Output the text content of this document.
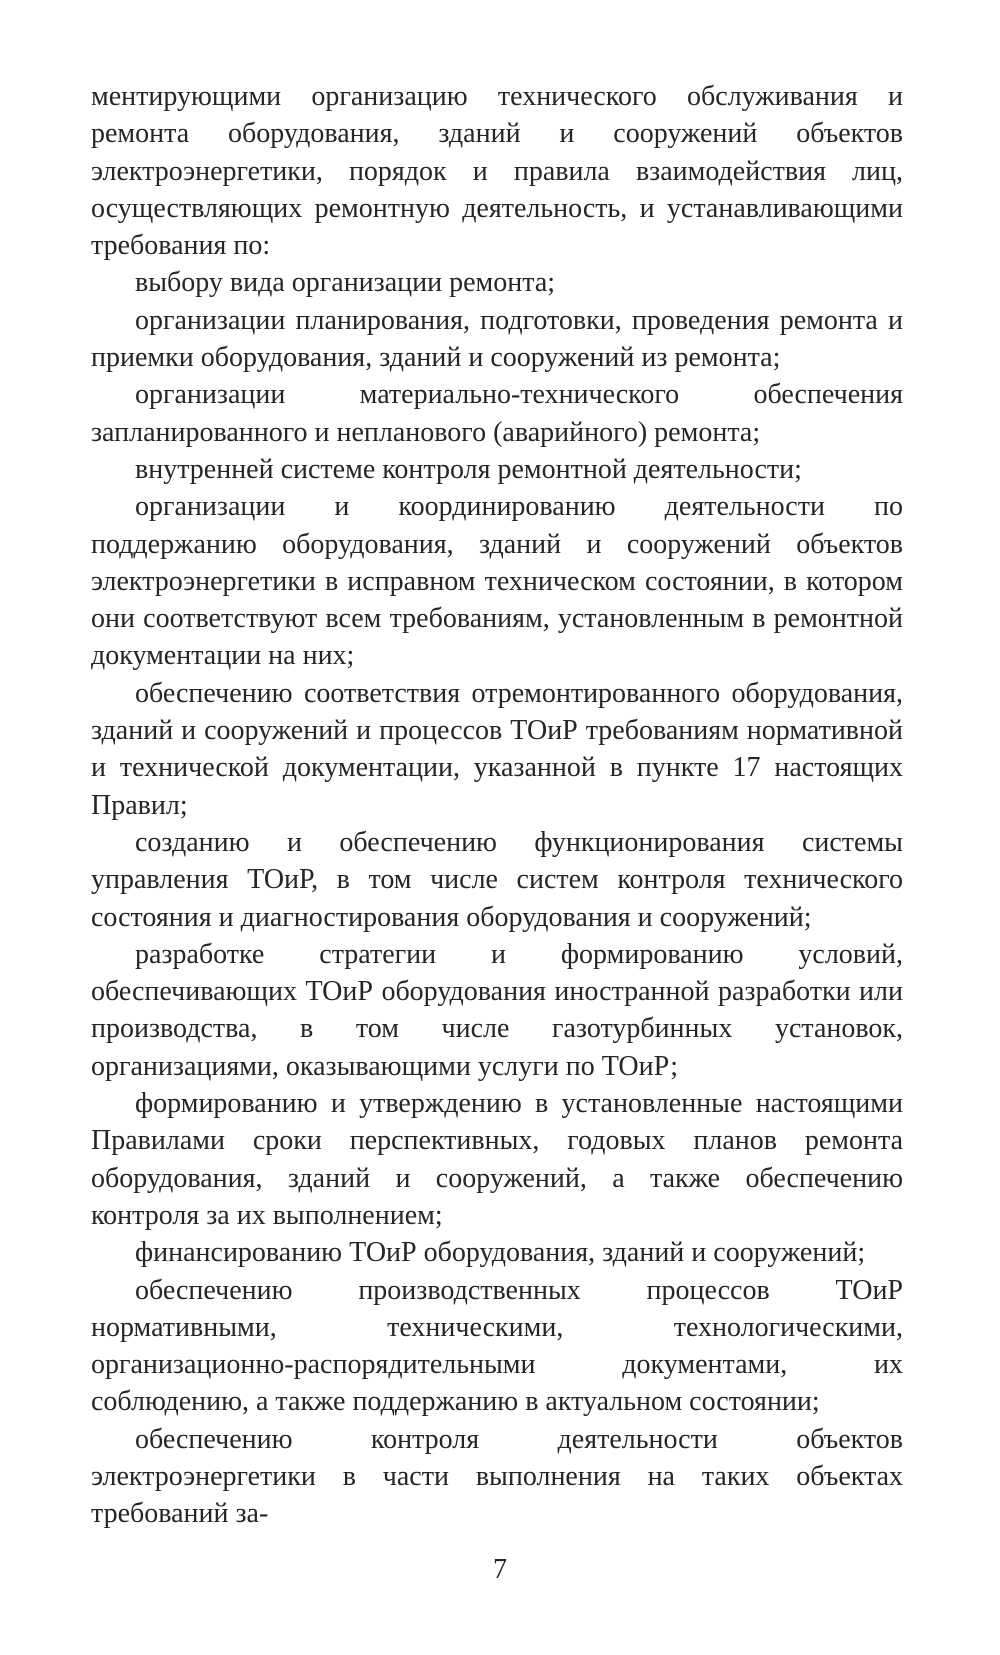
ментирующими организацию технического обслуживания и ремонта оборудования, зданий и сооружений объектов электроэнергетики, порядок и правила взаимодействия лиц, осуществляющих ремонтную деятельность, и устанавливающими требования по:

выбору вида организации ремонта;

организации планирования, подготовки, проведения ремонта и приемки оборудования, зданий и сооружений из ремонта;

организации материально-технического обеспечения запланированного и непланового (аварийного) ремонта;

внутренней системе контроля ремонтной деятельности;

организации и координированию деятельности по поддержанию оборудования, зданий и сооружений объектов электроэнергетики в исправном техническом состоянии, в котором они соответствуют всем требованиям, установленным в ремонтной документации на них;

обеспечению соответствия отремонтированного оборудования, зданий и сооружений и процессов ТОиР требованиям нормативной и технической документации, указанной в пункте 17 настоящих Правил;

созданию и обеспечению функционирования системы управления ТОиР, в том числе систем контроля технического состояния и диагностирования оборудования и сооружений;

разработке стратегии и формированию условий, обеспечивающих ТОиР оборудования иностранной разработки или производства, в том числе газотурбинных установок, организациями, оказывающими услуги по ТОиР;

формированию и утверждению в установленные настоящими Правилами сроки перспективных, годовых планов ремонта оборудования, зданий и сооружений, а также обеспечению контроля за их выполнением;

финансированию ТОиР оборудования, зданий и сооружений;

обеспечению производственных процессов ТОиР нормативными, техническими, технологическими, организационно-распорядительными документами, их соблюдению, а также поддержанию в актуальном состоянии;

обеспечению контроля деятельности объектов электроэнергетики в части выполнения на таких объектах требований за-

7
